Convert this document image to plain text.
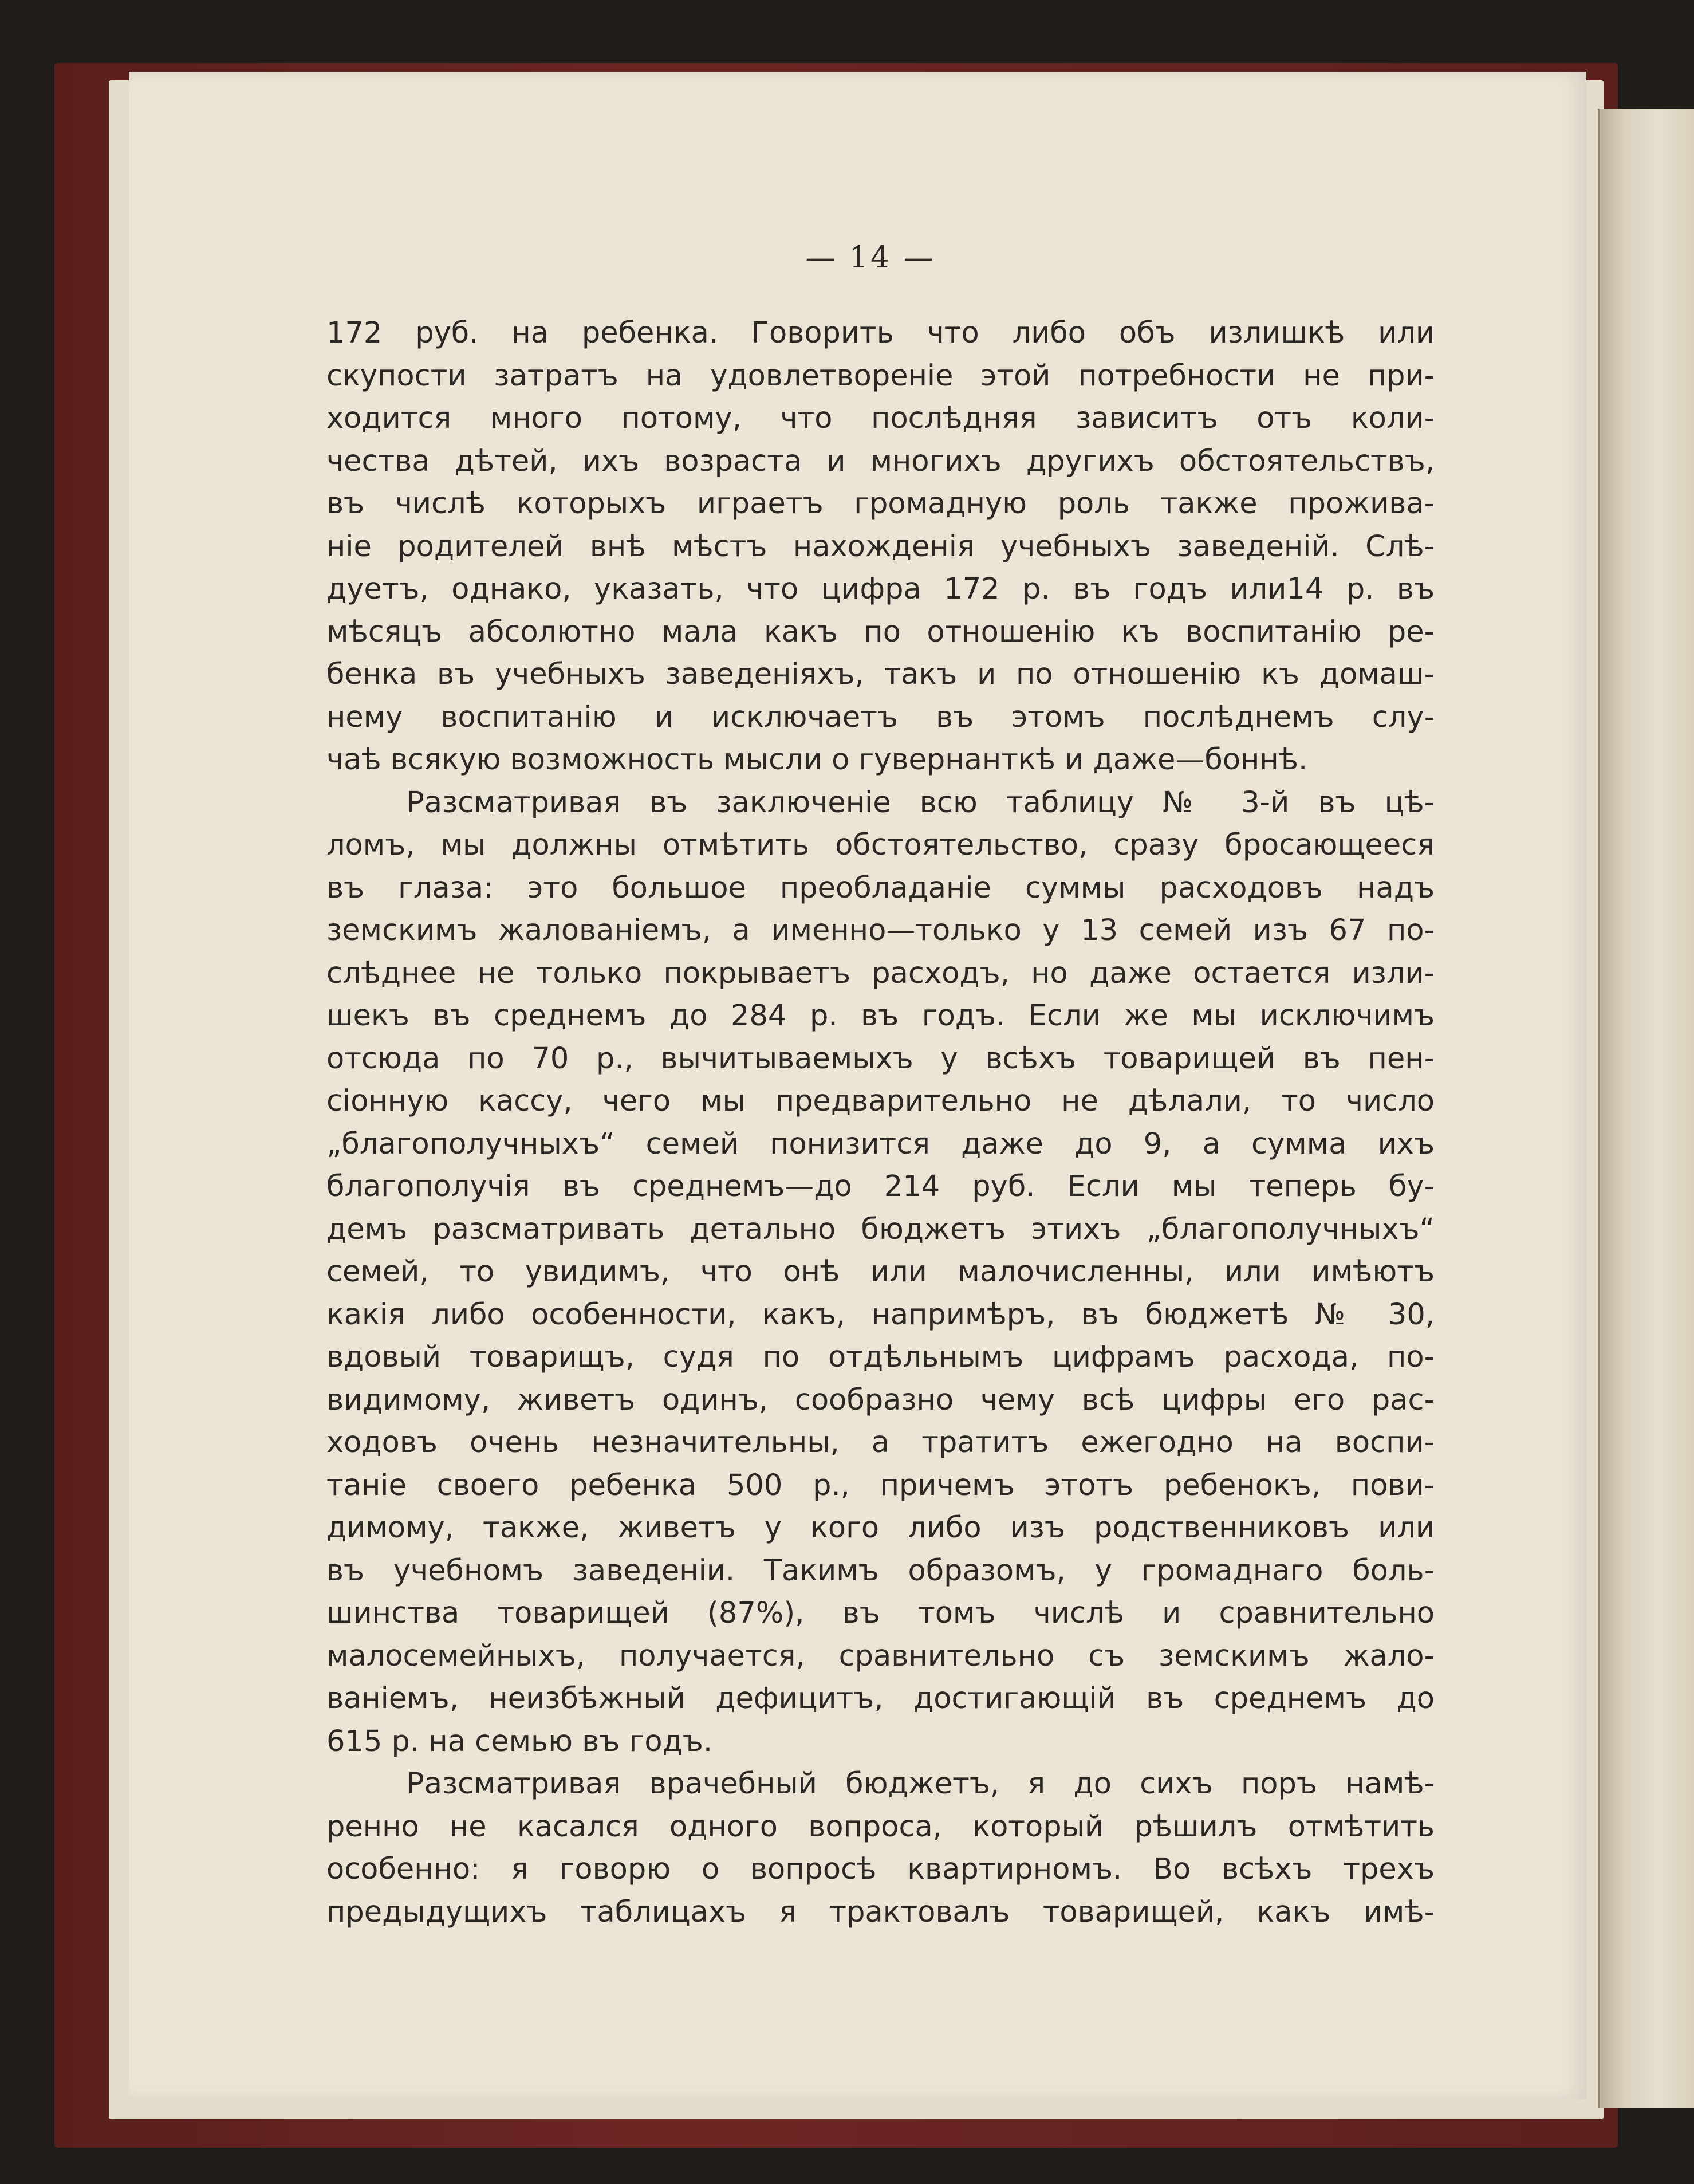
— 14 —
172 руб. на ребенка. Говорить что либо объ излишкѣ или
скупости затратъ на удовлетвореніе этой потребности не при-
ходится много потому, что послѣдняя зависитъ отъ коли-
чества дѣтей, ихъ возраста и многихъ другихъ обстоятельствъ,
въ числѣ которыхъ играетъ громадную роль также прожива-
ніе родителей внѣ мѣстъ нахожденія учебныхъ заведеній. Слѣ-
дуетъ, однако, указать, что цифра 172 р. въ годъ или14 р. въ
мѣсяцъ абсолютно мала какъ по отношенію къ воспитанію ре-
бенка въ учебныхъ заведеніяхъ, такъ и по отношенію къ домаш-
нему воспитанію и исключаетъ въ этомъ послѣднемъ слу-
чаѣ всякую возможность мысли о гувернанткѣ и даже—боннѣ.
Разсматривая въ заключеніе всю таблицу № 3-й въ цѣ-
ломъ, мы должны отмѣтить обстоятельство, сразу бросающееся
въ глаза: это большое преобладаніе суммы расходовъ надъ
земскимъ жалованіемъ, а именно—только у 13 семей изъ 67 по-
слѣднее не только покрываетъ расходъ, но даже остается изли-
шекъ въ среднемъ до 284 р. въ годъ. Если же мы исключимъ
отсюда по 70 р., вычитываемыхъ у всѣхъ товарищей въ пен-
сіонную кассу, чего мы предварительно не дѣлали, то число
„благополучныхъ“ семей понизится даже до 9, а сумма ихъ
благополучія въ среднемъ—до 214 руб. Если мы теперь бу-
демъ разсматривать детально бюджетъ этихъ „благополучныхъ“
семей, то увидимъ, что онѣ или малочисленны, или имѣютъ
какія либо особенности, какъ, напримѣръ, въ бюджетѣ № 30,
вдовый товарищъ, судя по отдѣльнымъ цифрамъ расхода, по-
видимому, живетъ одинъ, сообразно чему всѣ цифры его рас-
ходовъ очень незначительны, а тратитъ ежегодно на воспи-
таніе своего ребенка 500 р., причемъ этотъ ребенокъ, пови-
димому, также, живетъ у кого либо изъ родственниковъ или
въ учебномъ заведеніи. Такимъ образомъ, у громаднаго боль-
шинства товарищей (87%), въ томъ числѣ и сравнительно
малосемейныхъ, получается, сравнительно съ земскимъ жало-
ваніемъ, неизбѣжный дефицитъ, достигающій въ среднемъ до
615 р. на семью въ годъ.
Разсматривая врачебный бюджетъ, я до сихъ поръ намѣ-
ренно не касался одного вопроса, который рѣшилъ отмѣтить
особенно: я говорю о вопросѣ квартирномъ. Во всѣхъ трехъ
предыдущихъ таблицахъ я трактовалъ товарищей, какъ имѣ-
